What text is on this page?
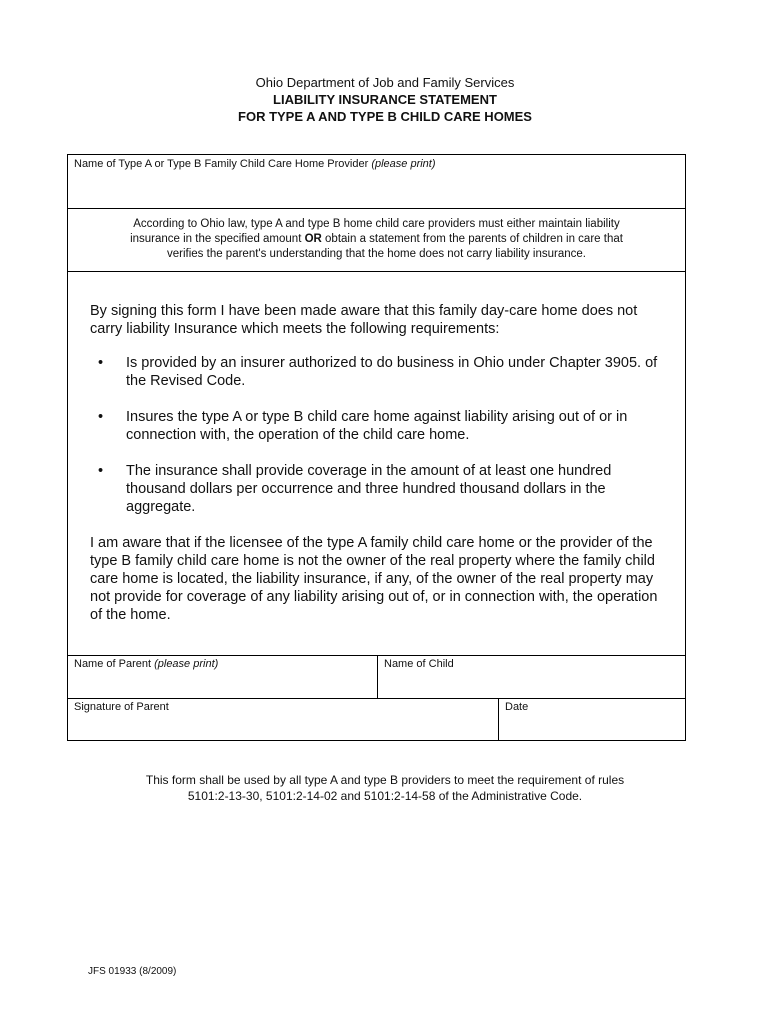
Ohio Department of Job and Family Services
LIABILITY INSURANCE STATEMENT
FOR TYPE A AND TYPE B CHILD CARE HOMES
Name of Type A or Type B Family Child Care Home Provider (please print)
According to Ohio law, type A and type B home child care providers must either maintain liability
insurance in the specified amount OR obtain a statement from the parents of children in care that
verifies the parent's understanding that the home does not carry liability insurance.

By signing this form I have been made aware that this family day-care home does not carry liability Insurance which meets the following requirements:

• Is provided by an insurer authorized to do business in Ohio under Chapter 3905. of the Revised Code.
• Insures the type A or type B child care home against liability arising out of or in connection with, the operation of the child care home.
• The insurance shall provide coverage in the amount of at least one hundred thousand dollars per occurrence and three hundred thousand dollars in the aggregate.

I am aware that if the licensee of the type A family child care home or the provider of the type B family child care home is not the owner of the real property where the family child care home is located, the liability insurance, if any, of the owner of the real property may not provide for coverage of any liability arising out of, or in connection with, the operation of the home.

Name of Parent (please print)	Name of Child
Signature of Parent	Date
This form shall be used by all type A and type B providers to meet the requirement of rules
5101:2-13-30, 5101:2-14-02 and 5101:2-14-58 of the Administrative Code.
JFS 01933 (8/2009)
